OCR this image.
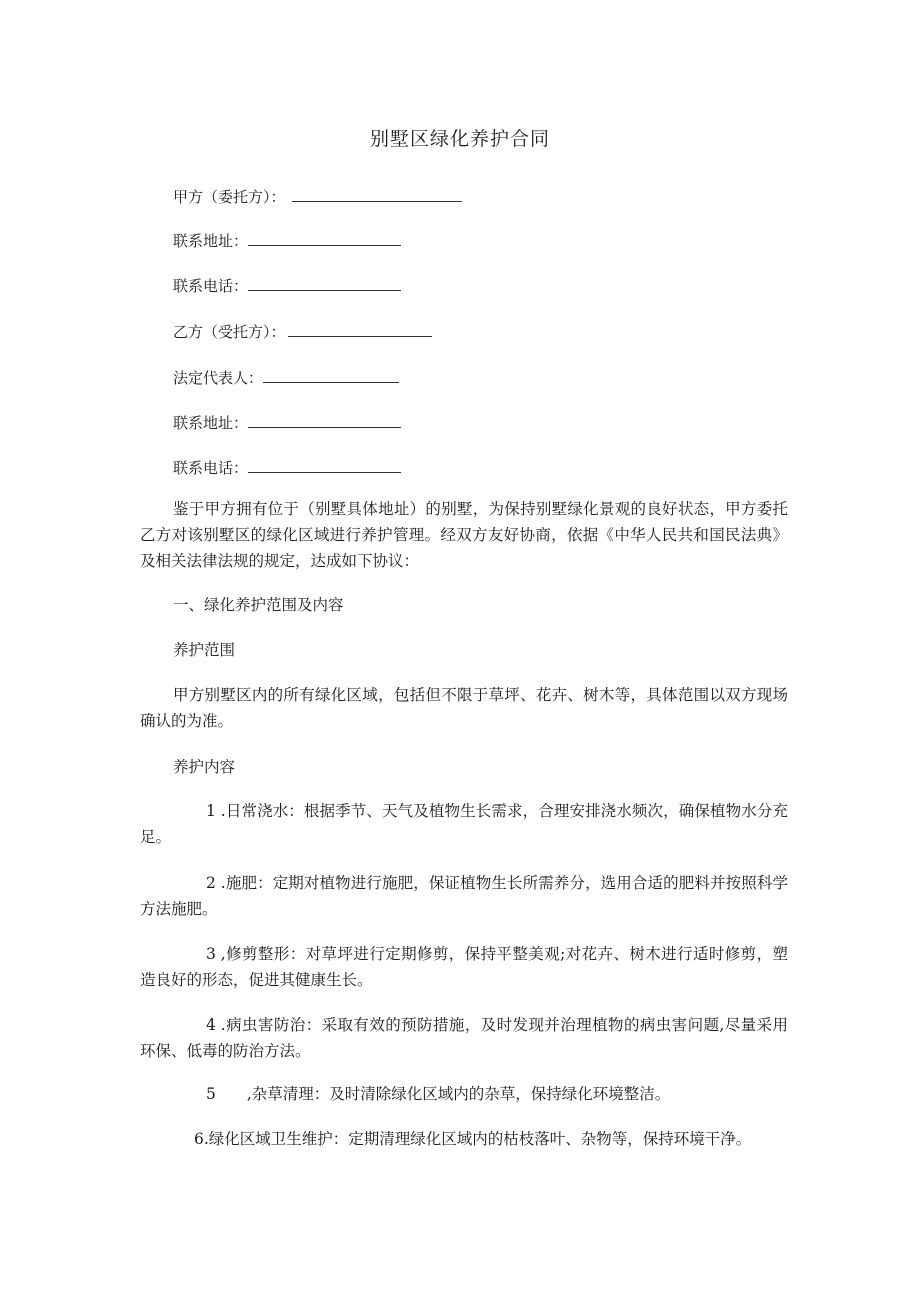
别墅区绿化养护合同
甲方（委托方）：
联系地址：
联系电话：
乙方（受托方）：
法定代表人：
联系地址：
联系电话：

鉴于甲方拥有位于（别墅具体地址）的别墅，为保持别墅绿化景观的良好状态，甲方委托乙方对该别墅区的绿化区域进行养护管理。经双方友好协商，依据《中华人民共和国民法典》及相关法律法规的规定，达成如下协议：

一、绿化养护范围及内容
养护范围

甲方别墅区内的所有绿化区域，包括但不限于草坪、花卉、树木等，具体范围以双方现场确认的为准。

养护内容

1 .日常浇水：根据季节、天气及植物生长需求，合理安排浇水频次，确保植物水分充足。

2 .施肥：定期对植物进行施肥，保证植物生长所需养分，选用合适的肥料并按照科学方法施肥。

3 ,修剪整形：对草坪进行定期修剪，保持平整美观;对花卉、树木进行适时修剪，塑造良好的形态，促进其健康生长。

4 .病虫害防治：采取有效的预防措施，及时发现并治理植物的病虫害问题,尽量采用环保、低毒的防治方法。

5　　,杂草清理：及时清除绿化区域内的杂草，保持绿化环境整洁。

6.绿化区域卫生维护：定期清理绿化区域内的枯枝落叶、杂物等，保持环境干净。
